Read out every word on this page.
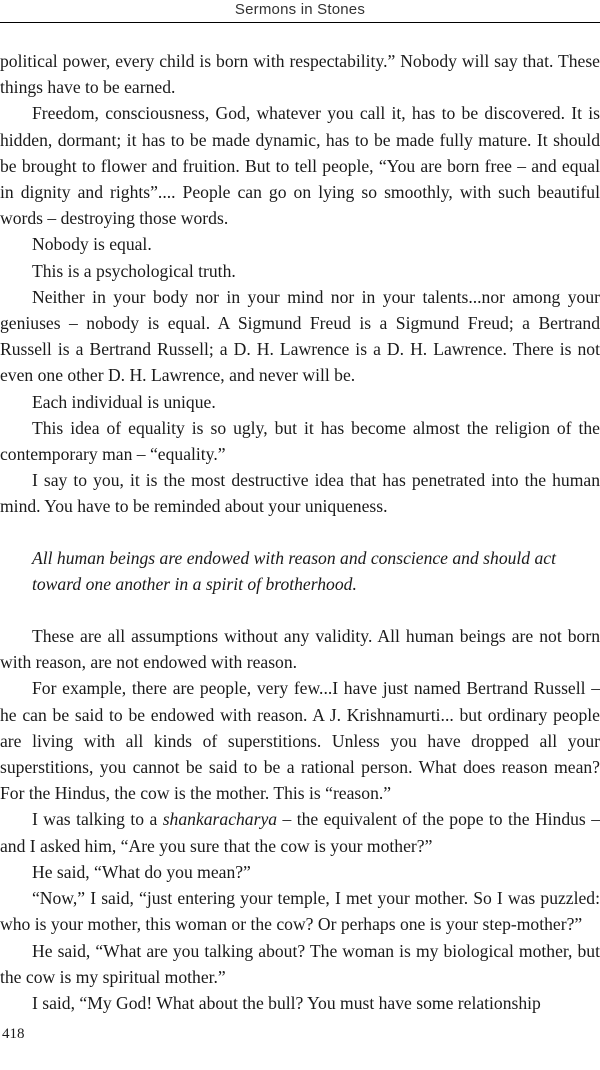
Sermons in Stones

political power, every child is born with respectability.” Nobody will say that. These things have to be earned.

Freedom, consciousness, God, whatever you call it, has to be discovered. It is hidden, dormant; it has to be made dynamic, has to be made fully mature. It should be brought to flower and fruition. But to tell people, “You are born free – and equal in dignity and rights”.... People can go on lying so smoothly, with such beautiful words – destroying those words.

Nobody is equal.

This is a psychological truth.

Neither in your body nor in your mind nor in your talents...nor among your geniuses – nobody is equal. A Sigmund Freud is a Sigmund Freud; a Bertrand Russell is a Bertrand Russell; a D. H. Lawrence is a D. H. Lawrence. There is not even one other D. H. Lawrence, and never will be.

Each individual is unique.

This idea of equality is so ugly, but it has become almost the religion of the contemporary man – “equality.”

I say to you, it is the most destructive idea that has penetrated into the human mind. You have to be reminded about your uniqueness.

All human beings are endowed with reason and conscience and should act toward one another in a spirit of brotherhood.

These are all assumptions without any validity. All human beings are not born with reason, are not endowed with reason.

For example, there are people, very few...I have just named Bertrand Russell – he can be said to be endowed with reason. A J. Krishnamurti... but ordinary people are living with all kinds of superstitions. Unless you have dropped all your superstitions, you cannot be said to be a rational person. What does reason mean? For the Hindus, the cow is the mother. This is “reason.”

I was talking to a shankaracharya – the equivalent of the pope to the Hindus – and I asked him, “Are you sure that the cow is your mother?”

He said, “What do you mean?”

“Now,” I said, “just entering your temple, I met your mother. So I was puzzled: who is your mother, this woman or the cow? Or perhaps one is your step-mother?”

He said, “What are you talking about? The woman is my biological mother, but the cow is my spiritual mother.”

I said, “My God! What about the bull? You must have some relationship

418
